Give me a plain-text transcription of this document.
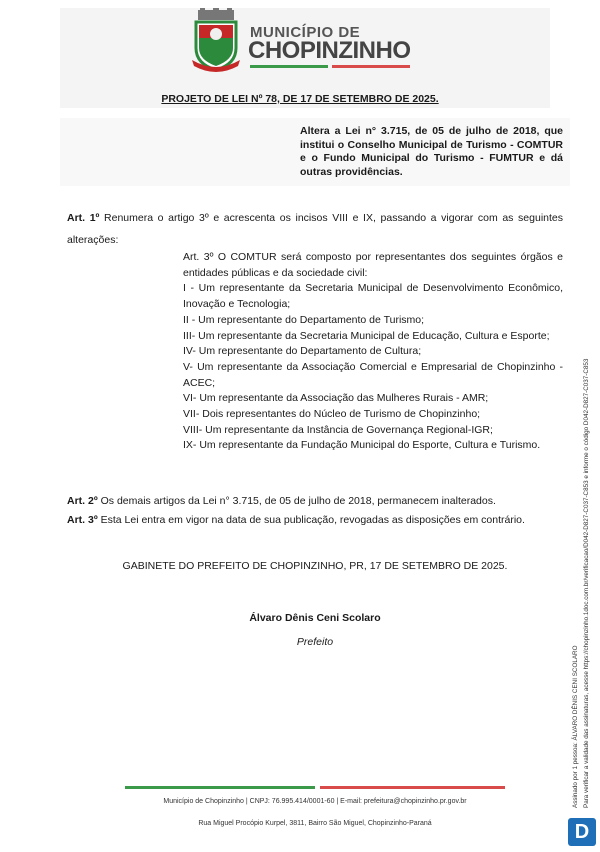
MUNICÍPIO DE
CHOPINZINHO
PROJETO DE LEI Nº 78, DE 17 DE SETEMBRO DE 2025.
Altera a Lei n° 3.715, de 05 de julho de 2018, que institui o Conselho Municipal de Turismo - COMTUR e o Fundo Municipal do Turismo - FUMTUR e dá outras providências.
Art. 1º Renumera o artigo 3º e acrescenta os incisos VIII e IX, passando a vigorar com as seguintes alterações:

Art. 3º O COMTUR será composto por representantes dos seguintes órgãos e entidades públicas e da sociedade civil:

I - Um representante da Secretaria Municipal de Desenvolvimento Econômico, Inovação e Tecnologia;

II - Um representante do Departamento de Turismo;

III- Um representante da Secretaria Municipal de Educação, Cultura e Esporte;

IV- Um representante do Departamento de Cultura;

V- Um representante da Associação Comercial e Empresarial de Chopinzinho - ACEC;

VI- Um representante da Associação das Mulheres Rurais - AMR;

VII- Dois representantes do Núcleo de Turismo de Chopinzinho;

VIII- Um representante da Instância de Governança Regional-IGR;

IX- Um representante da Fundação Municipal do Esporte, Cultura e Turismo.

Art. 2º Os demais artigos da Lei n° 3.715, de 05 de julho de 2018, permanecem inalterados.
Art. 3º Esta Lei entra em vigor na data de sua publicação, revogadas as disposições em contrário.
GABINETE DO PREFEITO DE CHOPINZINHO, PR, 17 DE SETEMBRO DE 2025.
Álvaro Dênis Ceni Scolaro
Prefeito
Município de Chopinzinho | CNPJ: 76.995.414/0001-60 | E-mail: prefeitura@chopinzinho.pr.gov.br
Rua Miguel Procópio Kurpel, 3811, Bairro São Miguel, Chopinzinho-Paraná
Assinado por 1 pessoa: ÁLVARO DÊNIS CENI SCOLARO Para verificar a validade das assinaturas, acesse https://chopinzinho.1doc.com.br/verificacao/D042-D827-C037-C853 e informe o código D042-D827-C037-C853
D
